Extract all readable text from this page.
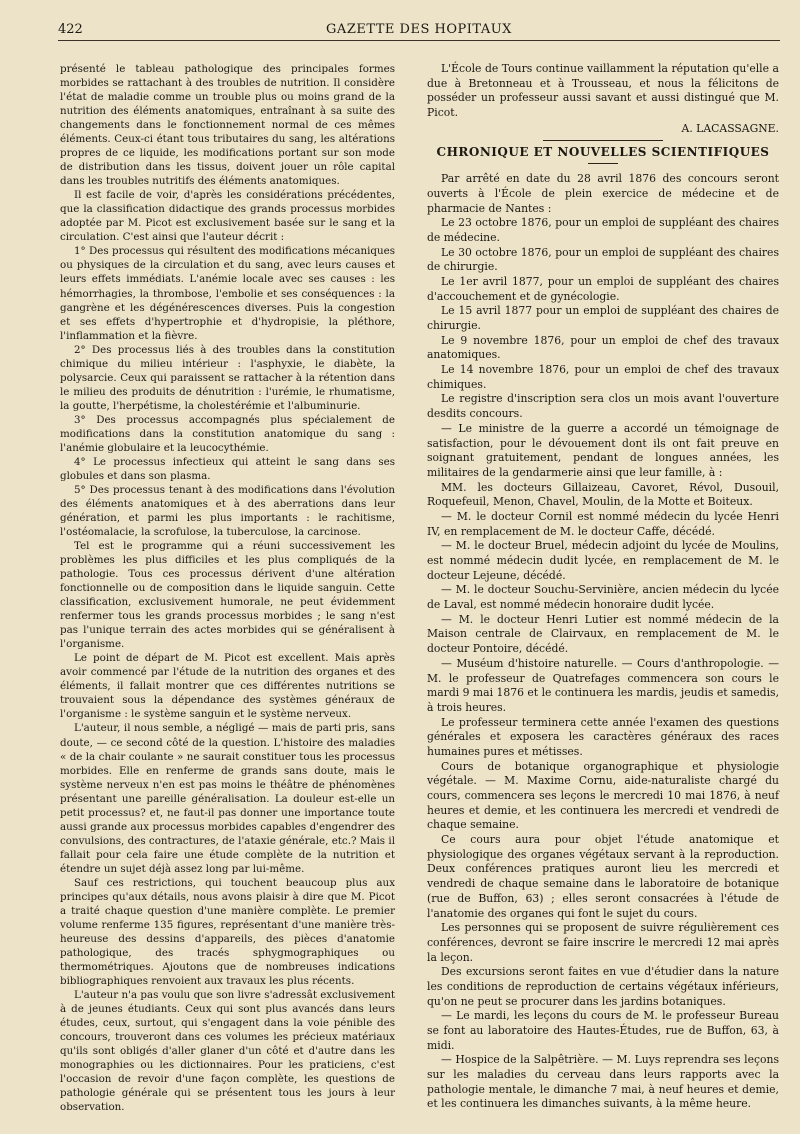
422	GAZETTE DES HOPITAUX

présenté le tableau pathologique des principales formes morbides se rattachant à des troubles de nutrition. Il considère l'état de maladie comme un trouble plus ou moins grand de la nutrition des éléments anatomiques, entraînant à sa suite des changements dans le fonctionnement normal de ces mêmes éléments. Ceux-ci étant tous tributaires du sang, les altérations propres de ce liquide, les modifications portant sur son mode de distribution dans les tissus, doivent jouer un rôle capital dans les troubles nutritifs des éléments anatomiques.

Il est facile de voir, d'après les considérations précédentes, que la classification didactique des grands processus morbides adoptée par M. Picot est exclusivement basée sur le sang et la circulation. C'est ainsi que l'auteur décrit :

1° Des processus qui résultent des modifications mécaniques ou physiques de la circulation et du sang, avec leurs causes et leurs effets immédiats. L'anémie locale avec ses causes : les hémorrhagies, la thrombose, l'embolie et ses conséquences : la gangrène et les dégénérescences diverses. Puis la congestion et ses effets d'hypertrophie et d'hydropisie, la pléthore, l'inflammation et la fièvre.

2° Des processus liés à des troubles dans la constitution chimique du milieu intérieur : l'asphyxie, le diabète, la polysarcie. Ceux qui paraissent se rattacher à la rétention dans le milieu des produits de dénutrition : l'urémie, le rhumatisme, la goutte, l'herpétisme, la cholestérémie et l'albuminurie.

3° Des processus accompagnés plus spécialement de modifications dans la constitution anatomique du sang : l'anémie globulaire et la leucocythémie.

4° Le processus infectieux qui atteint le sang dans ses globules et dans son plasma.

5° Des processus tenant à des modifications dans l'évolution des éléments anatomiques et à des aberrations dans leur génération, et parmi les plus importants : le rachitisme, l'ostéomalacie, la scrofulose, la tuberculose, la carcinose.

Tel est le programme qui a réuni successivement les problèmes les plus difficiles et les plus compliqués de la pathologie. Tous ces processus dérivent d'une altération fonctionnelle ou de composition dans le liquide sanguin. Cette classification, exclusivement humorale, ne peut évidemment renfermer tous les grands processus morbides ; le sang n'est pas l'unique terrain des actes morbides qui se généralisent à l'organisme.

Le point de départ de M. Picot est excellent. Mais après avoir commencé par l'étude de la nutrition des organes et des éléments, il fallait montrer que ces différentes nutritions se trouvaient sous la dépendance des systèmes généraux de l'organisme : le système sanguin et le système nerveux.

L'auteur, il nous semble, a négligé — mais de parti pris, sans doute, — ce second côté de la question. L'histoire des maladies « de la chair coulante » ne saurait constituer tous les processus morbides. Elle en renferme de grands sans doute, mais le système nerveux n'en est pas moins le théâtre de phénomènes présentant une pareille généralisation. La douleur est-elle un petit processus? et, ne faut-il pas donner une importance toute aussi grande aux processus morbides capables d'engendrer des convulsions, des contractures, de l'ataxie générale, etc.? Mais il fallait pour cela faire une étude complète de la nutrition et étendre un sujet déjà assez long par lui-même.

Sauf ces restrictions, qui touchent beaucoup plus aux principes qu'aux détails, nous avons plaisir à dire que M. Picot a traité chaque question d'une manière complète. Le premier volume renferme 135 figures, représentant d'une manière très-heureuse des dessins d'appareils, des pièces d'anatomie pathologique, des tracés sphygmographiques ou thermométriques. Ajoutons que de nombreuses indications bibliographiques renvoient aux travaux les plus récents.

L'auteur n'a pas voulu que son livre s'adressât exclusivement à de jeunes étudiants. Ceux qui sont plus avancés dans leurs études, ceux, surtout, qui s'engagent dans la voie pénible des concours, trouveront dans ces volumes les précieux matériaux qu'ils sont obligés d'aller glaner d'un côté et d'autre dans les monographies ou les dictionnaires. Pour les praticiens, c'est l'occasion de revoir d'une façon complète, les questions de pathologie générale qui se présentent tous les jours à leur observation.

L'École de Tours continue vaillamment la réputation qu'elle a due à Bretonneau et à Trousseau, et nous la félicitons de posséder un professeur aussi savant et aussi distingué que M. Picot.

A. LACASSAGNE.
CHRONIQUE ET NOUVELLES SCIENTIFIQUES

Par arrêté en date du 28 avril 1876 des concours seront ouverts à l'École de plein exercice de médecine et de pharmacie de Nantes :

Le 23 octobre 1876, pour un emploi de suppléant des chaires de médecine.

Le 30 octobre 1876, pour un emploi de suppléant des chaires de chirurgie.

Le 1er avril 1877, pour un emploi de suppléant des chaires d'accouchement et de gynécologie.

Le 15 avril 1877 pour un emploi de suppléant des chaires de chirurgie.

Le 9 novembre 1876, pour un emploi de chef des travaux anatomiques.

Le 14 novembre 1876, pour un emploi de chef des travaux chimiques.

Le registre d'inscription sera clos un mois avant l'ouverture desdits concours.

— Le ministre de la guerre a accordé un témoignage de satisfaction, pour le dévouement dont ils ont fait preuve en soignant gratuitement, pendant de longues années, les militaires de la gendarmerie ainsi que leur famille, à :

MM. les docteurs Gillaizeau, Cavoret, Révol, Dusouil, Roquefeuil, Menon, Chavel, Moulin, de la Motte et Boiteux.

— M. le docteur Cornil est nommé médecin du lycée Henri IV, en remplacement de M. le docteur Caffe, décédé.

— M. le docteur Bruel, médecin adjoint du lycée de Moulins, est nommé médecin dudit lycée, en remplacement de M. le docteur Lejeune, décédé.

— M. le docteur Souchu-Servinière, ancien médecin du lycée de Laval, est nommé médecin honoraire dudit lycée.

— M. le docteur Henri Lutier est nommé médecin de la Maison centrale de Clairvaux, en remplacement de M. le docteur Pontoire, décédé.

— Muséum d'histoire naturelle. — Cours d'anthropologie. — M. le professeur de Quatrefages commencera son cours le mardi 9 mai 1876 et le continuera les mardis, jeudis et samedis, à trois heures.

Le professeur terminera cette année l'examen des questions générales et exposera les caractères généraux des races humaines pures et métisses.

Cours de botanique organographique et physiologie végétale. — M. Maxime Cornu, aide-naturaliste chargé du cours, commencera ses leçons le mercredi 10 mai 1876, à neuf heures et demie, et les continuera les mercredi et vendredi de chaque semaine.

Ce cours aura pour objet l'étude anatomique et physiologique des organes végétaux servant à la reproduction. Deux conférences pratiques auront lieu les mercredi et vendredi de chaque semaine dans le laboratoire de botanique (rue de Buffon, 63) ; elles seront consacrées à l'étude de l'anatomie des organes qui font le sujet du cours.

Les personnes qui se proposent de suivre régulièrement ces conférences, devront se faire inscrire le mercredi 12 mai après la leçon.

Des excursions seront faites en vue d'étudier dans la nature les conditions de reproduction de certains végétaux inférieurs, qu'on ne peut se procurer dans les jardins botaniques.

— Le mardi, les leçons du cours de M. le professeur Bureau se font au laboratoire des Hautes-Études, rue de Buffon, 63, à midi.

— Hospice de la Salpêtrière. — M. Luys reprendra ses leçons sur les maladies du cerveau dans leurs rapports avec la pathologie mentale, le dimanche 7 mai, à neuf heures et demie, et les continuera les dimanches suivants, à la même heure.
